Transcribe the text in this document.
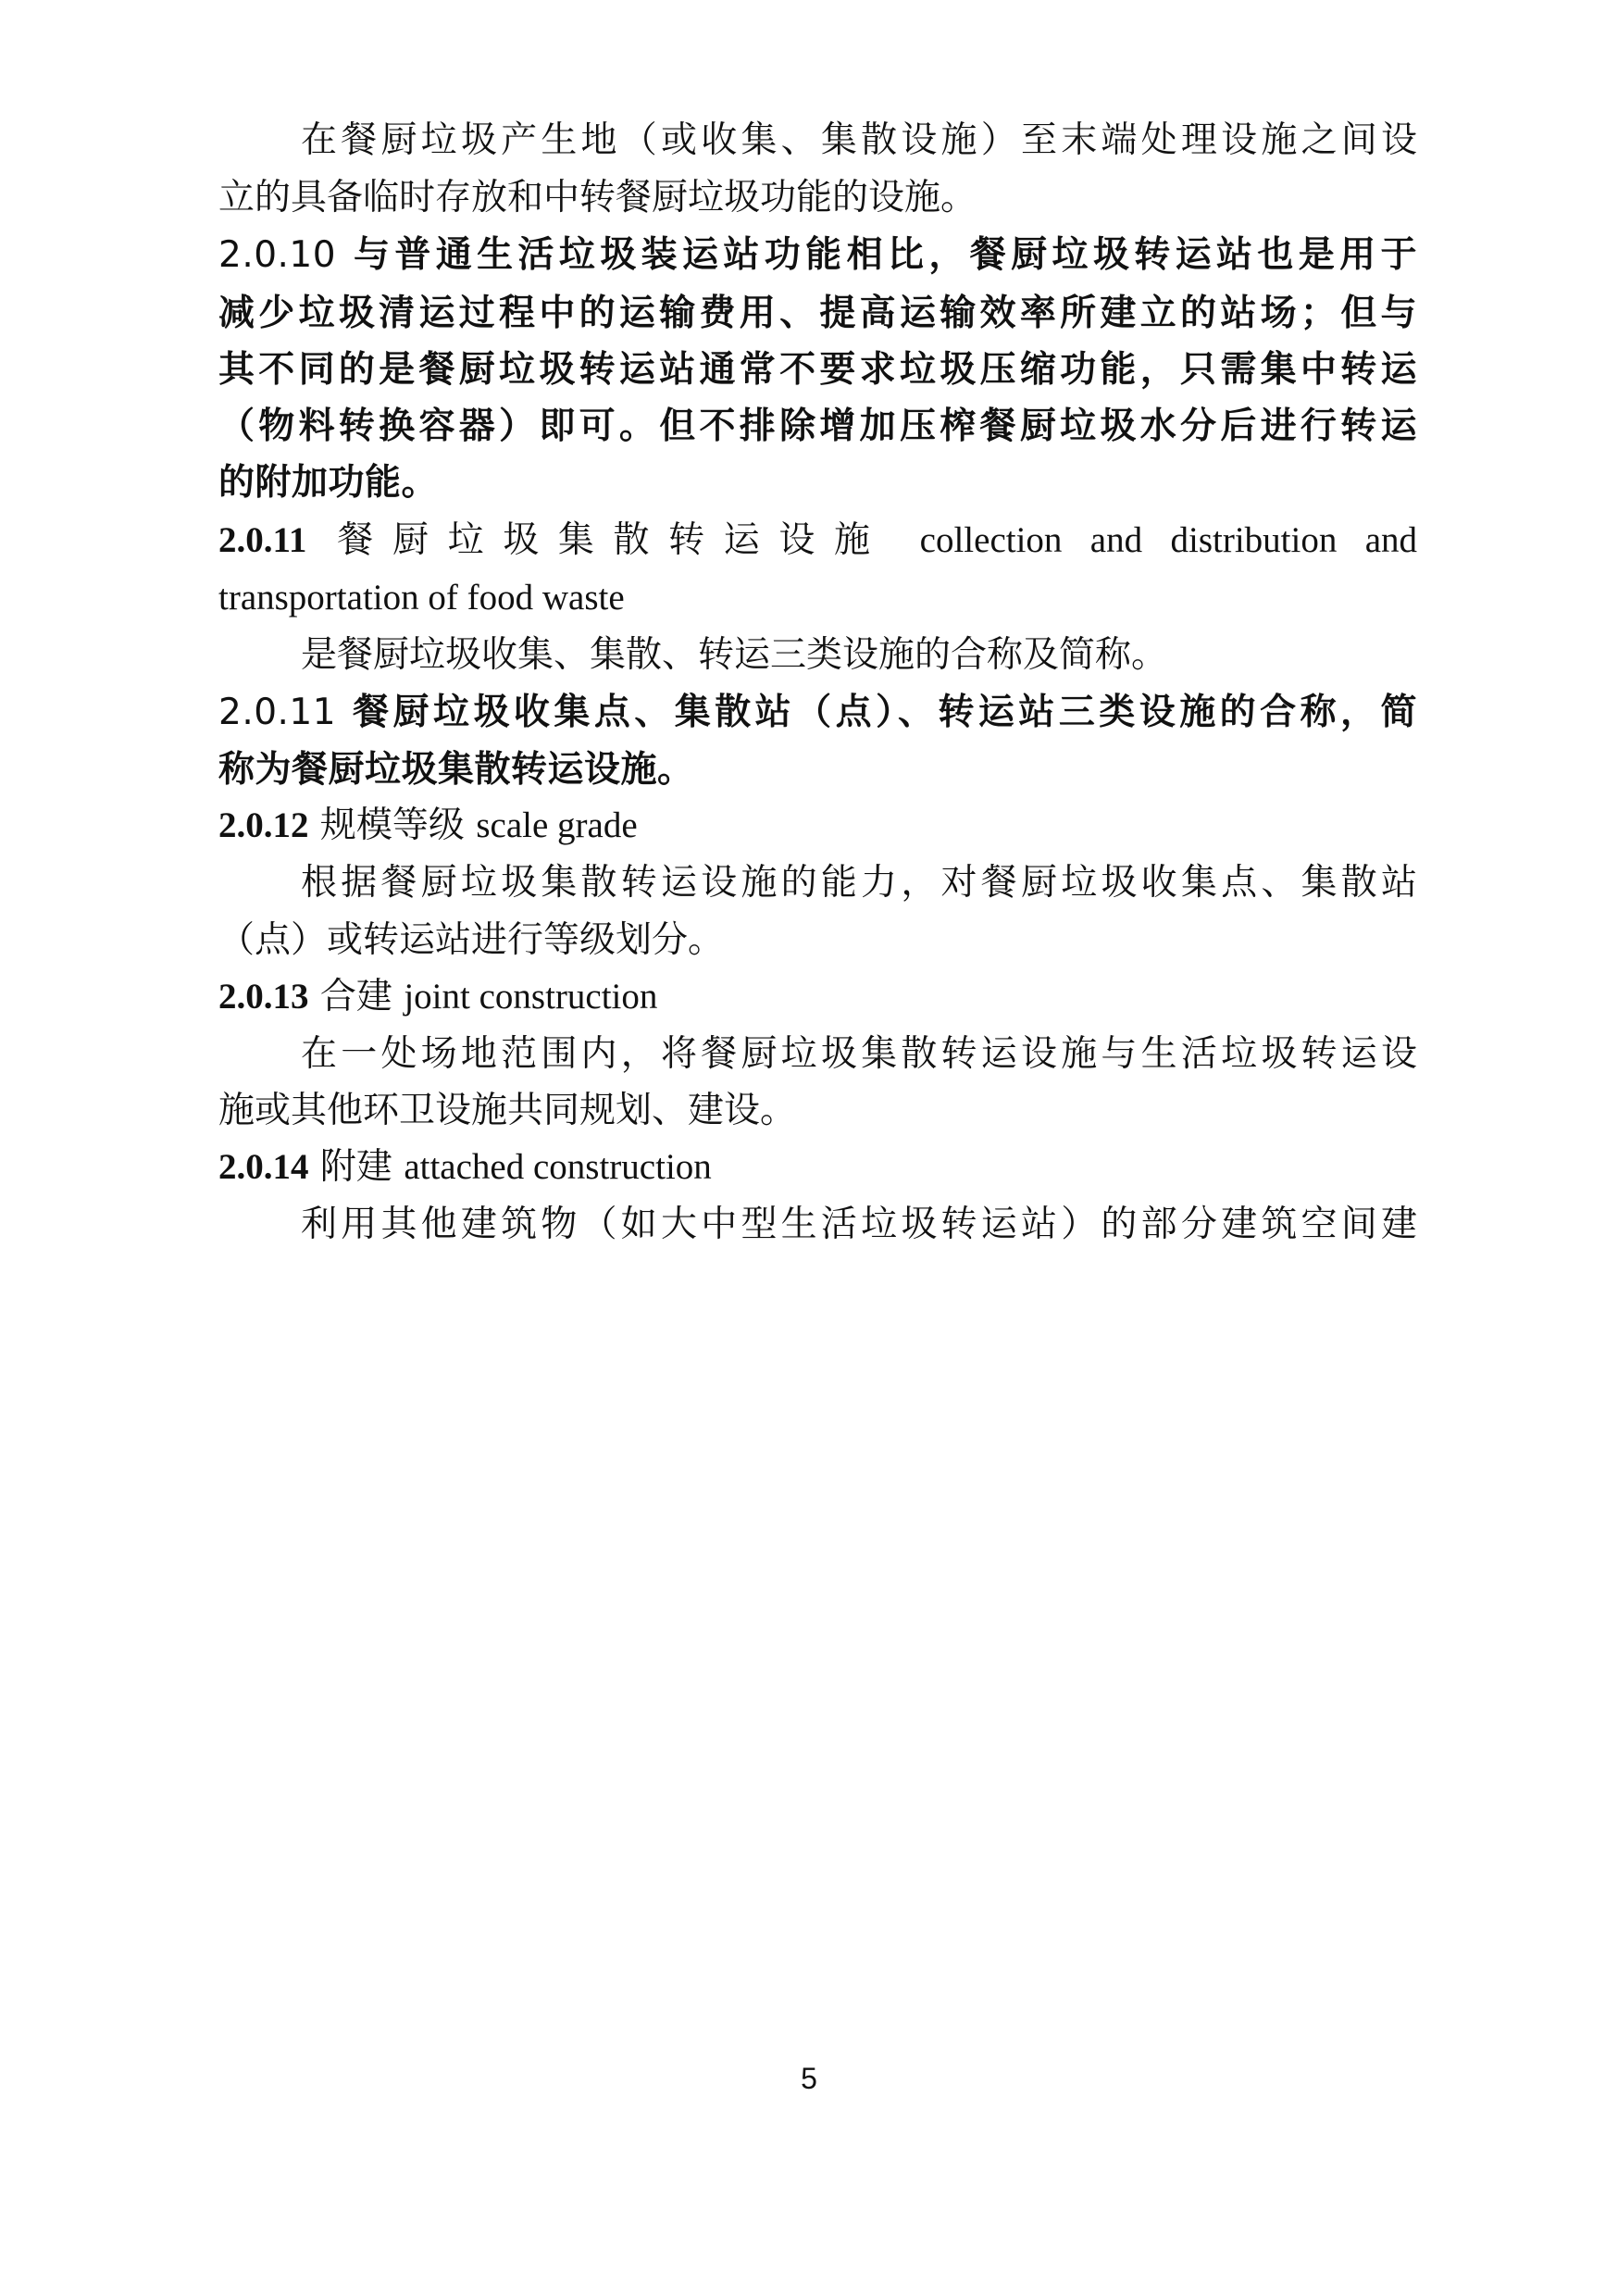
在餐厨垃圾产生地（或收集、集散设施）至末端处理设施之间设
立的具备临时存放和中转餐厨垃圾功能的设施。
2.0.10 与普通生活垃圾装运站功能相比，餐厨垃圾转运站也是用于
减少垃圾清运过程中的运输费用、提高运输效率所建立的站场；但与
其不同的是餐厨垃圾转运站通常不要求垃圾压缩功能，只需集中转运
（物料转换容器）即可。但不排除增加压榨餐厨垃圾水分后进行转运
的附加功能。
2.0.11 餐厨垃圾集散转运设施 collection and distribution and
transportation of food waste
是餐厨垃圾收集、集散、转运三类设施的合称及简称。
2.0.11 餐厨垃圾收集点、集散站（点）、转运站三类设施的合称，简
称为餐厨垃圾集散转运设施。
2.0.12 规模等级 scale grade
根据餐厨垃圾集散转运设施的能力，对餐厨垃圾收集点、集散站
（点）或转运站进行等级划分。
2.0.13 合建 joint construction
在一处场地范围内，将餐厨垃圾集散转运设施与生活垃圾转运设
施或其他环卫设施共同规划、建设。
2.0.14 附建 attached construction
利用其他建筑物（如大中型生活垃圾转运站）的部分建筑空间建
5
